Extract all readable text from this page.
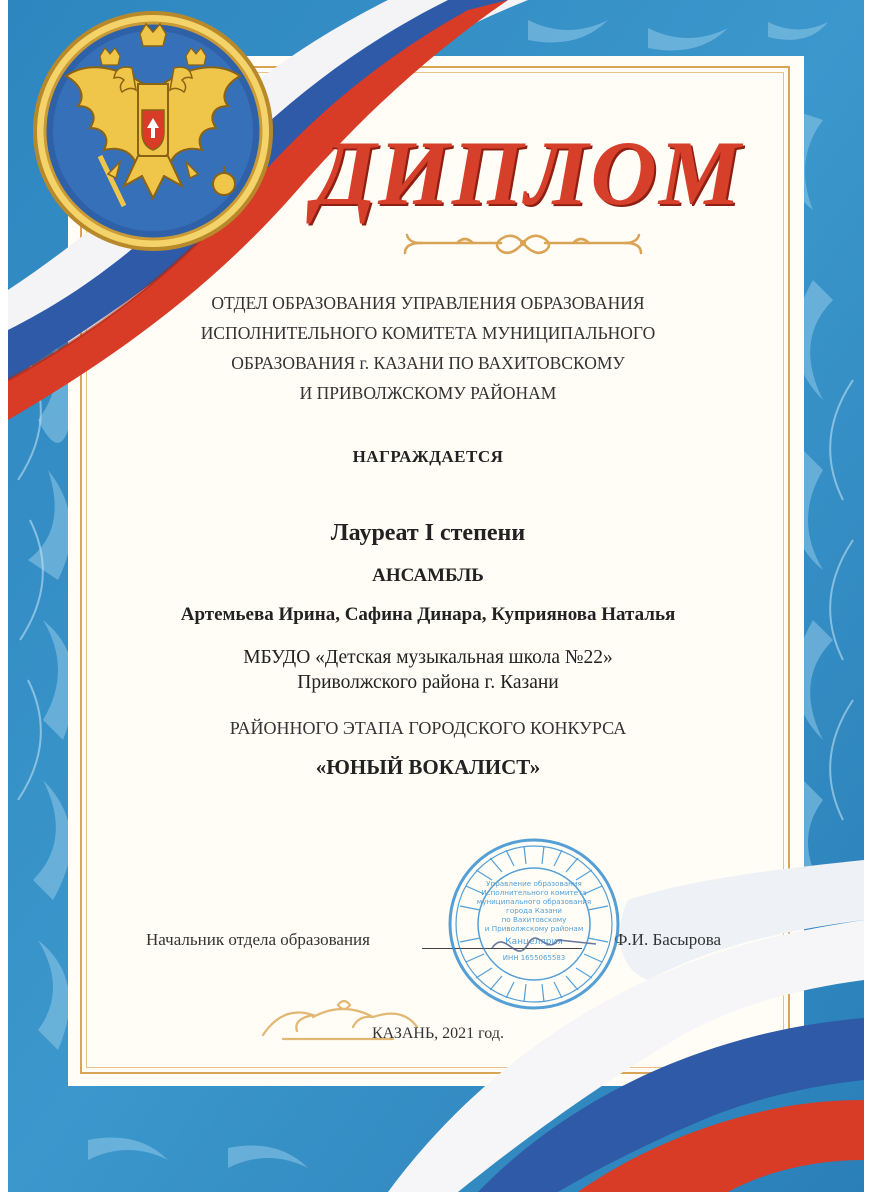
ДИПЛОМ
ОТДЕЛ ОБРАЗОВАНИЯ УПРАВЛЕНИЯ ОБРАЗОВАНИЯ
ИСПОЛНИТЕЛЬНОГО КОМИТЕТА МУНИЦИПАЛЬНОГО
ОБРАЗОВАНИЯ г. КАЗАНИ ПО ВАХИТОВСКОМУ
И ПРИВОЛЖСКОМУ РАЙОНАМ
НАГРАЖДАЕТСЯ
Лауреат I степени
АНСАМБЛЬ
Артемьева Ирина, Сафина Динара, Куприянова Наталья
МБУДО «Детская музыкальная школа №22»
Приволжского района г. Казани
РАЙОННОГО ЭТАПА ГОРОДСКОГО КОНКУРСА
«ЮНЫЙ ВОКАЛИСТ»
Начальник отдела образования	Ф.И. Басырова
Управление образования
Исполнительного комитета
муниципального образования
города Казани
по Вахитовскому
и Приволжскому районам
Канцелярия
ИНН 1655065583
КАЗАНЬ, 2021 год.
